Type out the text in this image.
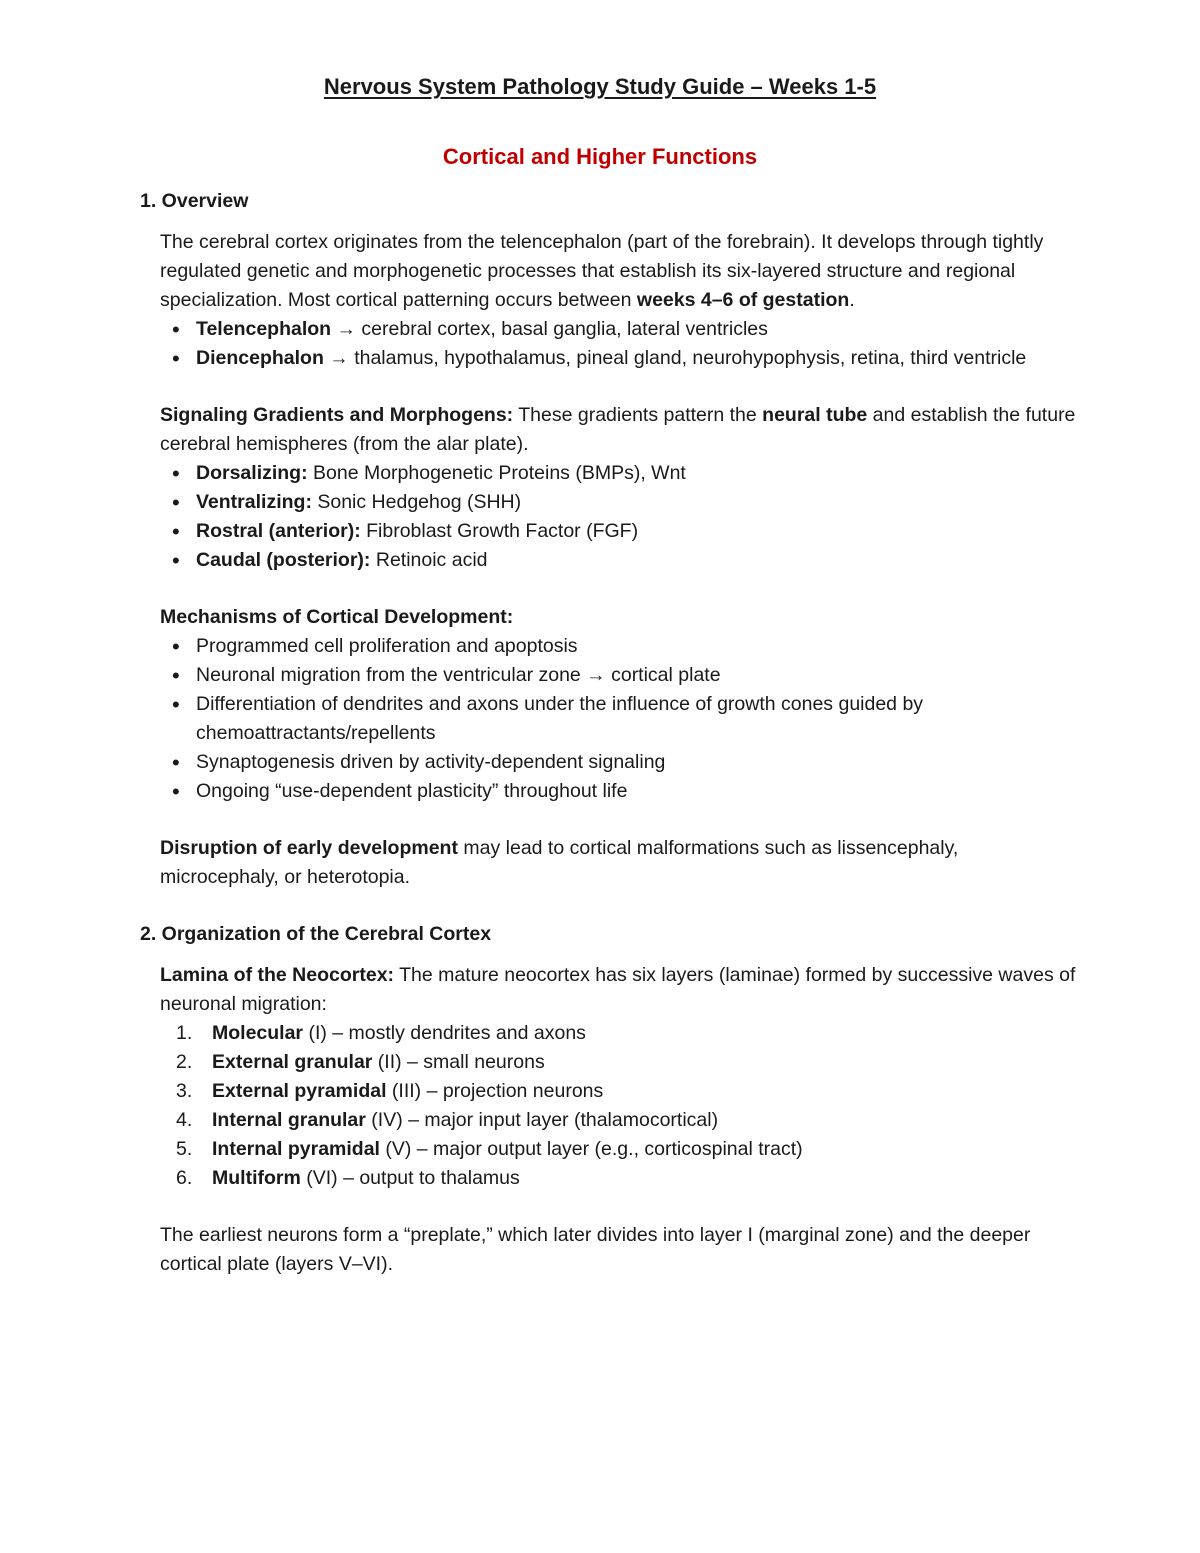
Nervous System Pathology Study Guide – Weeks 1-5
Cortical and Higher Functions

1. Overview

The cerebral cortex originates from the telencephalon (part of the forebrain). It develops through tightly regulated genetic and morphogenetic processes that establish its six-layered structure and regional specialization. Most cortical patterning occurs between weeks 4–6 of gestation.

• Telencephalon → cerebral cortex, basal ganglia, lateral ventricles
• Diencephalon → thalamus, hypothalamus, pineal gland, neurohypophysis, retina, third ventricle

Signaling Gradients and Morphogens: These gradients pattern the neural tube and establish the future cerebral hemispheres (from the alar plate).

• Dorsalizing: Bone Morphogenetic Proteins (BMPs), Wnt
• Ventralizing: Sonic Hedgehog (SHH)
• Rostral (anterior): Fibroblast Growth Factor (FGF)
• Caudal (posterior): Retinoic acid

Mechanisms of Cortical Development:

• Programmed cell proliferation and apoptosis
• Neuronal migration from the ventricular zone → cortical plate
• Differentiation of dendrites and axons under the influence of growth cones guided by chemoattractants/repellents
• Synaptogenesis driven by activity-dependent signaling
• Ongoing “use-dependent plasticity” throughout life

Disruption of early development may lead to cortical malformations such as lissencephaly, microcephaly, or heterotopia.

2. Organization of the Cerebral Cortex

Lamina of the Neocortex: The mature neocortex has six layers (laminae) formed by successive waves of neuronal migration:

1. Molecular (I) – mostly dendrites and axons
2. External granular (II) – small neurons
3. External pyramidal (III) – projection neurons
4. Internal granular (IV) – major input layer (thalamocortical)
5. Internal pyramidal (V) – major output layer (e.g., corticospinal tract)
6. Multiform (VI) – output to thalamus

The earliest neurons form a “preplate,” which later divides into layer I (marginal zone) and the deeper cortical plate (layers V–VI).
